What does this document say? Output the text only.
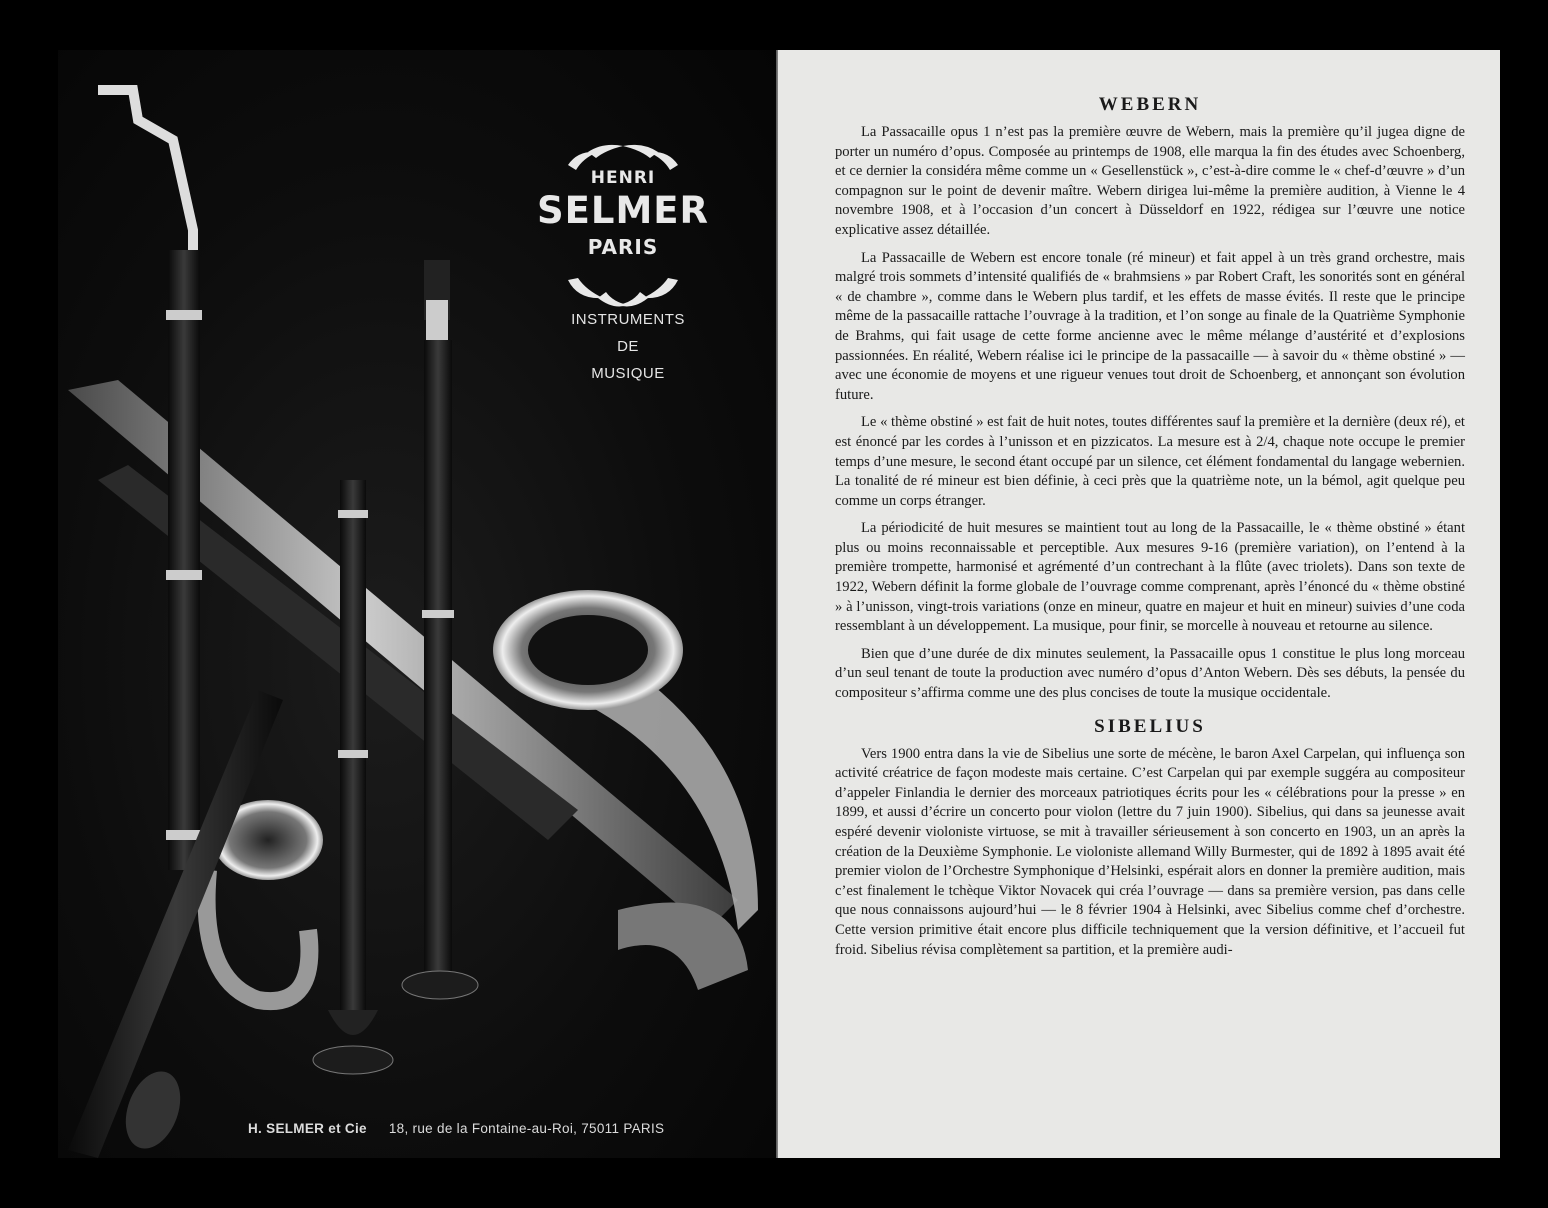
HENRI
SELMER
PARIS
INSTRUMENTS
DE
MUSIQUE
H. SELMER et Cie 18, rue de la Fontaine-au-Roi, 75011 PARIS
WEBERN

La Passacaille opus 1 n’est pas la première œuvre de Webern, mais la première qu’il jugea digne de porter un numéro d’opus. Composée au printemps de 1908, elle marqua la fin des études avec Schoenberg, et ce dernier la considéra même comme un « Gesellenstück », c’est-à-dire comme le « chef-d’œuvre » d’un compagnon sur le point de devenir maître. Webern dirigea lui-même la première audition, à Vienne le 4 novembre 1908, et à l’occasion d’un concert à Düsseldorf en 1922, rédigea sur l’œuvre une notice explicative assez détaillée.

La Passacaille de Webern est encore tonale (ré mineur) et fait appel à un très grand orchestre, mais malgré trois sommets d’intensité qualifiés de « brahmsiens » par Robert Craft, les sonorités sont en général « de chambre », comme dans le Webern plus tardif, et les effets de masse évités. Il reste que le principe même de la passacaille rattache l’ouvrage à la tradition, et l’on songe au finale de la Quatrième Symphonie de Brahms, qui fait usage de cette forme ancienne avec le même mélange d’austérité et d’explosions passionnées. En réalité, Webern réalise ici le principe de la passacaille — à savoir du « thème obstiné » — avec une économie de moyens et une rigueur venues tout droit de Schoenberg, et annonçant son évolution future.

Le « thème obstiné » est fait de huit notes, toutes différentes sauf la première et la dernière (deux ré), et est énoncé par les cordes à l’unisson et en pizzicatos. La mesure est à 2/4, chaque note occupe le premier temps d’une mesure, le second étant occupé par un silence, cet élément fondamental du langage webernien. La tonalité de ré mineur est bien définie, à ceci près que la quatrième note, un la bémol, agit quelque peu comme un corps étranger.

La périodicité de huit mesures se maintient tout au long de la Passacaille, le « thème obstiné » étant plus ou moins reconnaissable et perceptible. Aux mesures 9-16 (première variation), on l’entend à la première trompette, harmonisé et agrémenté d’un contrechant à la flûte (avec triolets). Dans son texte de 1922, Webern définit la forme globale de l’ouvrage comme comprenant, après l’énoncé du « thème obstiné » à l’unisson, vingt-trois variations (onze en mineur, quatre en majeur et huit en mineur) suivies d’une coda ressemblant à un développement. La musique, pour finir, se morcelle à nouveau et retourne au silence.

Bien que d’une durée de dix minutes seulement, la Passacaille opus 1 constitue le plus long morceau d’un seul tenant de toute la production avec numéro d’opus d’Anton Webern. Dès ses débuts, la pensée du compositeur s’affirma comme une des plus concises de toute la musique occidentale.

SIBELIUS

Vers 1900 entra dans la vie de Sibelius une sorte de mécène, le baron Axel Carpelan, qui influença son activité créatrice de façon modeste mais certaine. C’est Carpelan qui par exemple suggéra au compositeur d’appeler Finlandia le dernier des morceaux patriotiques écrits pour les « célébrations pour la presse » en 1899, et aussi d’écrire un concerto pour violon (lettre du 7 juin 1900). Sibelius, qui dans sa jeunesse avait espéré devenir violoniste virtuose, se mit à travailler sérieusement à son concerto en 1903, un an après la création de la Deuxième Symphonie. Le violoniste allemand Willy Burmester, qui de 1892 à 1895 avait été premier violon de l’Orchestre Symphonique d’Helsinki, espérait alors en donner la première audition, mais c’est finalement le tchèque Viktor Novacek qui créa l’ouvrage — dans sa première version, pas dans celle que nous connaissons aujourd’hui — le 8 février 1904 à Helsinki, avec Sibelius comme chef d’orchestre. Cette version primitive était encore plus difficile techniquement que la version définitive, et l’accueil fut froid. Sibelius révisa complètement sa partition, et la première audi-
